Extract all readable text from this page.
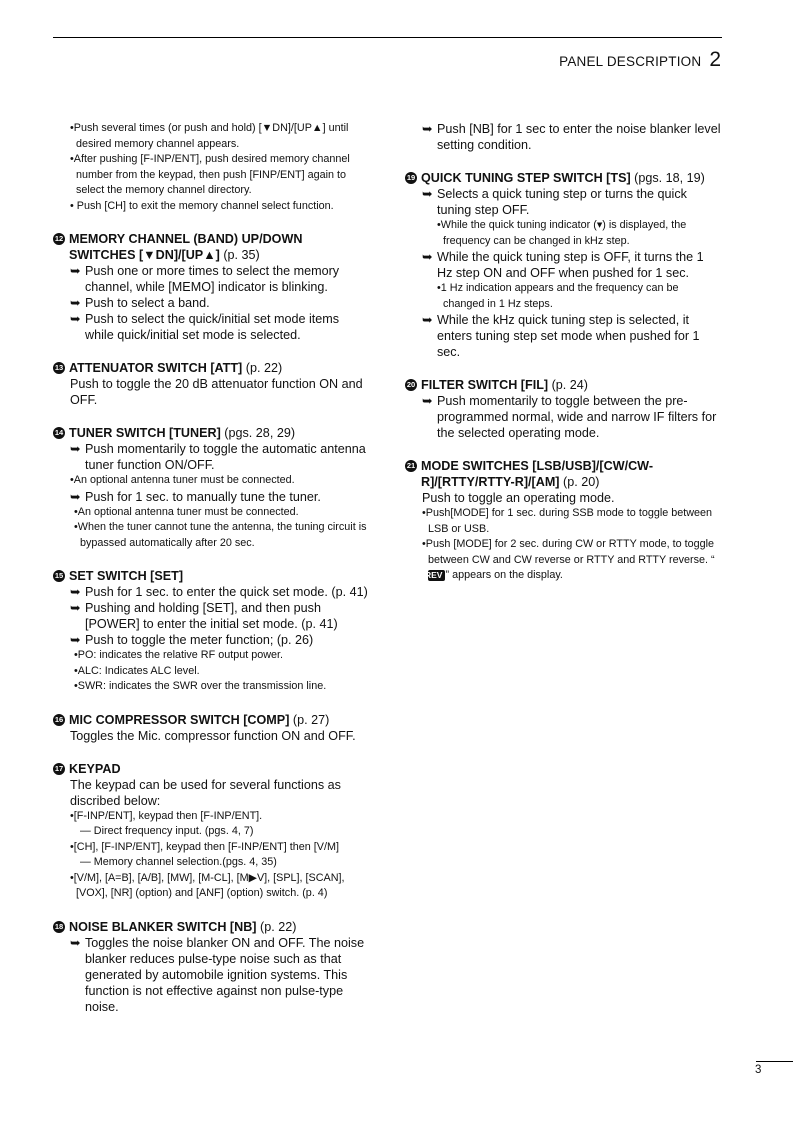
PANEL DESCRIPTION 2
•Push several times (or push and hold) [▼DN]/[UP▲] until desired memory channel appears.
•After pushing [F-INP/ENT], push desired memory channel number from the keypad, then push [FINP/ENT] again to select the memory channel directory.
• Push [CH] to exit the memory channel select function.
12 MEMORY CHANNEL (BAND) UP/DOWN SWITCHES [▼DN]/[UP▲] (p. 35)
➥ Push one or more times to select the memory channel, while [MEMO] indicator is blinking.
➥ Push to select a band.
➥ Push to select the quick/initial set mode items while quick/initial set mode is selected.
13 ATTENUATOR SWITCH [ATT] (p. 22)
Push to toggle the 20 dB attenuator function ON and OFF.
14 TUNER SWITCH [TUNER] (pgs. 28, 29)
➥ Push momentarily to toggle the automatic antenna tuner function ON/OFF.
•An optional antenna tuner must be connected.
➥ Push for 1 sec. to manually tune the tuner.
•An optional antenna tuner must be connected.
•When the tuner cannot tune the antenna, the tuning circuit is bypassed automatically after 20 sec.
15 SET SWITCH [SET]
➥ Push for 1 sec. to enter the quick set mode. (p. 41)
➥ Pushing and holding [SET], and then push [POWER] to enter the initial set mode. (p. 41)
➥ Push to toggle the meter function; (p. 26)
•PO: indicates the relative RF output power.
•ALC: Indicates ALC level.
•SWR: indicates the SWR over the transmission line.
16 MIC COMPRESSOR SWITCH [COMP] (p. 27)
Toggles the Mic. compressor function ON and OFF.
17 KEYPAD
The keypad can be used for several functions as discribed below:
•[F-INP/ENT], keypad then [F-INP/ENT].
— Direct frequency input. (pgs. 4, 7)
•[CH], [F-INP/ENT], keypad then [F-INP/ENT] then [V/M]
— Memory channel selection.(pgs. 4, 35)
•[V/M], [A=B], [A/B], [MW], [M-CL], [M▶V], [SPL], [SCAN], [VOX], [NR] (option) and [ANF] (option) switch. (p. 4)
18 NOISE BLANKER SWITCH [NB] (p. 22)
➥ Toggles the noise blanker ON and OFF. The noise blanker reduces pulse-type noise such as that generated by automobile ignition systems. This function is not effective against non pulse-type noise.
➥ Push [NB] for 1 sec to enter the noise blanker level setting condition.
19 QUICK TUNING STEP SWITCH [TS] (pgs. 18, 19)
➥ Selects a quick tuning step or turns the quick tuning step OFF.
•While the quick tuning indicator (▾) is displayed, the frequency can be changed in kHz step.
➥ While the quick tuning step is OFF, it turns the 1 Hz step ON and OFF when pushed for 1 sec.
•1 Hz indication appears and the frequency can be changed in 1 Hz steps.
➥ While the kHz quick tuning step is selected, it enters tuning step set mode when pushed for 1 sec.
20 FILTER SWITCH [FIL] (p. 24)
➥ Push momentarily to toggle between the pre-programmed normal, wide and narrow IF filters for the selected operating mode.
21 MODE SWITCHES [LSB/USB]/[CW/CW-R]/[RTTY/RTTY-R]/[AM] (p. 20)
Push to toggle an operating mode.
•Push[MODE] for 1 sec. during SSB mode to toggle between LSB or USB.
•Push [MODE] for 2 sec. during CW or RTTY mode, to toggle between CW and CW reverse or RTTY and RTTY reverse. “REV ” appears on the display.
3
